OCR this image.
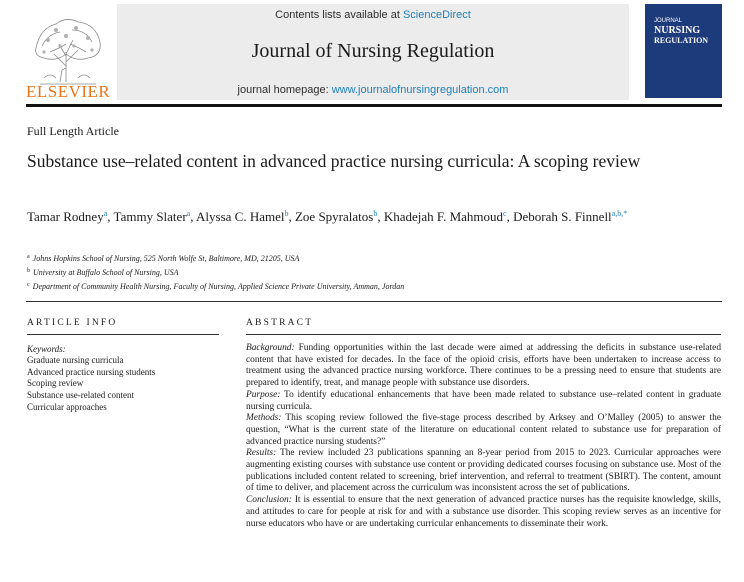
ELSEVIER
Contents lists available at ScienceDirect
Journal of Nursing Regulation
journal homepage: www.journalofnursingregulation.com
JOURNAL
NURSING
REGULATION
Full Length Article
Substance use–related content in advanced practice nursing curricula: A scoping review
Tamar Rodney$^a$, Tammy Slater$^a$, Alyssa C. Hamel$^b$, Zoe Spyralatos$^b$, Khadejah F. Mahmoud$^c$, Deborah S. Finnell$^{a,b,*}$
$^a$ Johns Hopkins School of Nursing, 525 North Wolfe St, Baltimore, MD, 21205, USA
$^b$ University at Buffalo School of Nursing, USA
$^c$ Department of Community Health Nursing, Faculty of Nursing, Applied Science Private University, Amman, Jordan
ARTICLE INFO
Keywords:
Graduate nursing curricula
Advanced practice nursing students
Scoping review
Substance use-related content
Curricular approaches
ABSTRACT

Background: Funding opportunities within the last decade were aimed at addressing the deficits in substance use-related content that have existed for decades. In the face of the opioid crisis, efforts have been undertaken to increase access to treatment using the advanced practice nursing workforce. There continues to be a pressing need to ensure that students are prepared to identify, treat, and manage people with substance use disorders.

Purpose: To identify educational enhancements that have been made related to substance use–related content in graduate nursing curricula.

Methods: This scoping review followed the five-stage process described by Arksey and O’Malley (2005) to answer the question, “What is the current state of the literature on educational content related to substance use for preparation of advanced practice nursing students?”

Results: The review included 23 publications spanning an 8-year period from 2015 to 2023. Curricular approaches were augmenting existing courses with substance use content or providing dedicated courses focusing on substance use. Most of the publications included content related to screening, brief intervention, and referral to treatment (SBIRT). The content, amount of time to deliver, and placement across the curriculum was inconsistent across the set of publications.

Conclusion: It is essential to ensure that the next generation of advanced practice nurses has the requisite knowledge, skills, and attitudes to care for people at risk for and with a substance use disorder. This scoping review serves as an incentive for nurse educators who have or are undertaking curricular enhancements to disseminate their work.
